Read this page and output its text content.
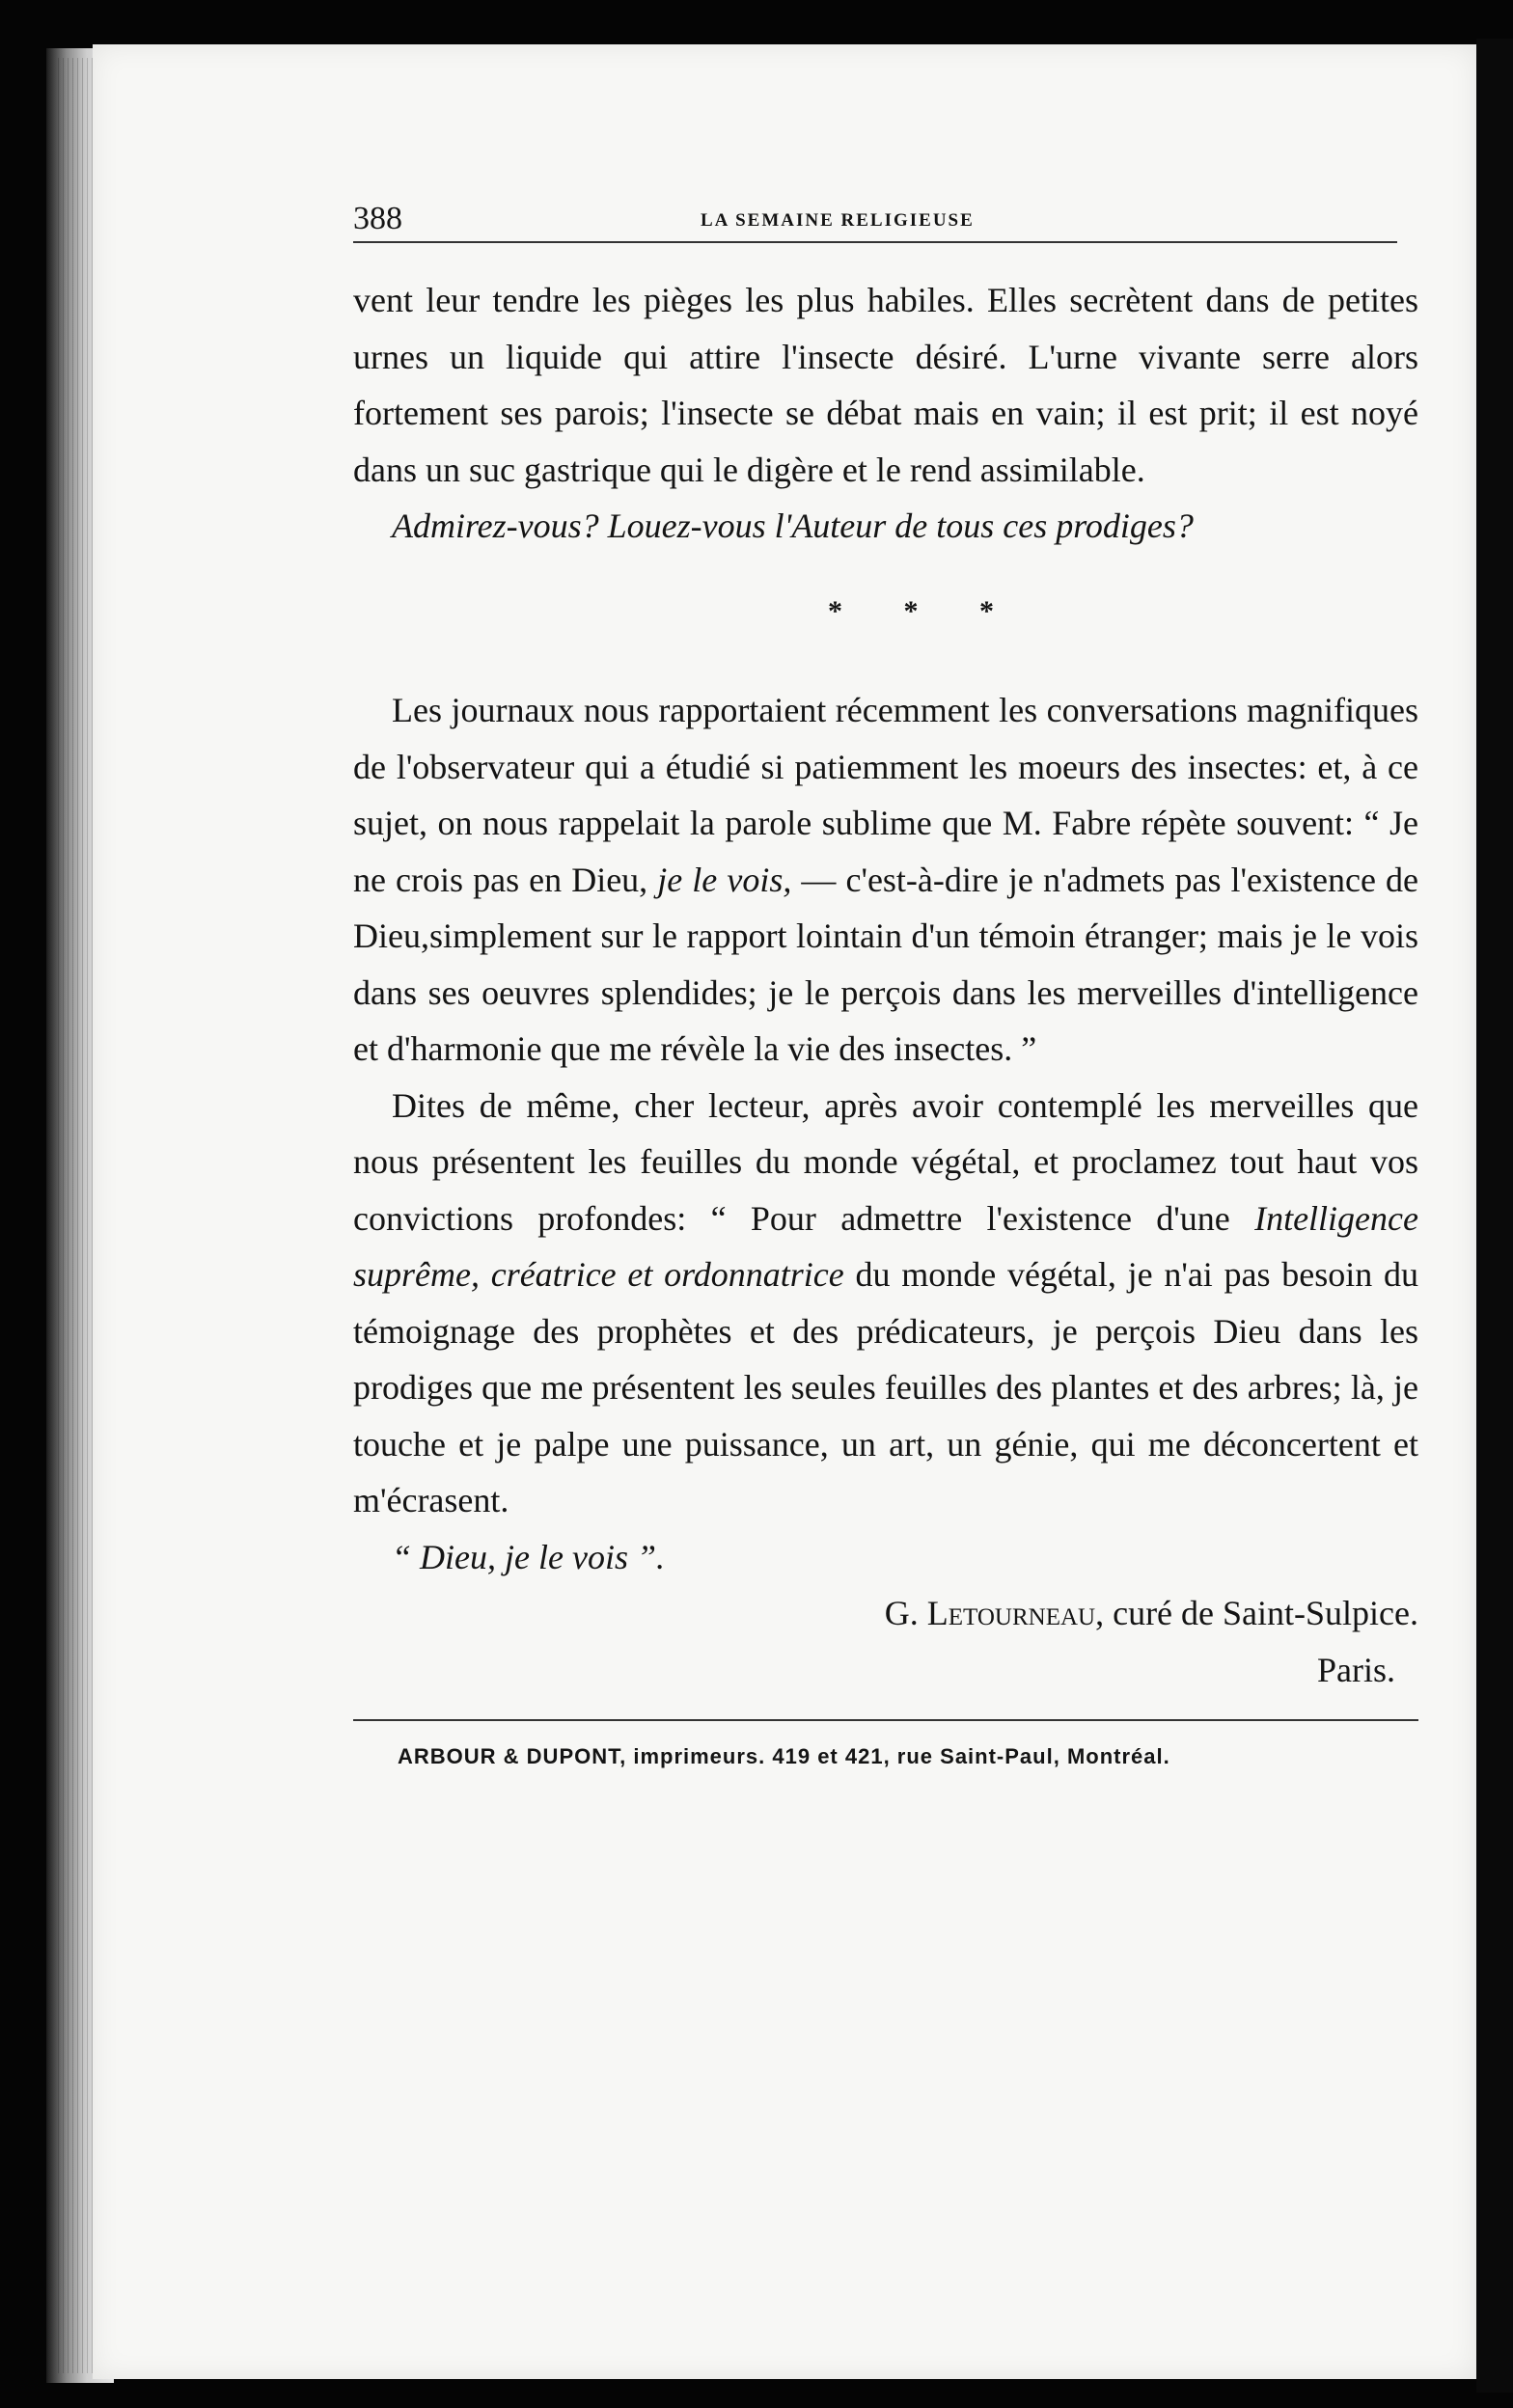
388	LA SEMAINE RELIGIEUSE

vent leur tendre les pièges les plus habiles. Elles secrètent dans de petites urnes un liquide qui attire l'insecte désiré. L'urne vivante serre alors fortement ses parois; l'insecte se débat mais en vain; il est prit; il est noyé dans un suc gastrique qui le digère et le rend assimilable.

Admirez-vous? Louez-vous l'Auteur de tous ces prodiges?

* * *

Les journaux nous rapportaient récemment les conversations magnifiques de l'observateur qui a étudié si patiemment les moeurs des insectes: et, à ce sujet, on nous rappelait la parole sublime que M. Fabre répète souvent: “ Je ne crois pas en Dieu, je le vois, — c'est-à-dire je n'admets pas l'existence de Dieu,simplement sur le rapport lointain d'un témoin étranger; mais je le vois dans ses oeuvres splendides; je le perçois dans les merveilles d'intelligence et d'harmonie que me révèle la vie des insectes. ”

Dites de même, cher lecteur, après avoir contemplé les merveilles que nous présentent les feuilles du monde végétal, et proclamez tout haut vos convictions profondes: “ Pour admettre l'existence d'une Intelligence suprême, créatrice et ordonnatrice du monde végétal, je n'ai pas besoin du témoignage des prophètes et des prédicateurs, je perçois Dieu dans les prodiges que me présentent les seules feuilles des plantes et des arbres; là, je touche et je palpe une puissance, un art, un génie, qui me déconcertent et m'écrasent.

“ Dieu, je le vois ”.

G. Letourneau, curé de Saint-Sulpice.

Paris.

ARBOUR & DUPONT, imprimeurs. 419 et 421, rue Saint-Paul, Montréal.
